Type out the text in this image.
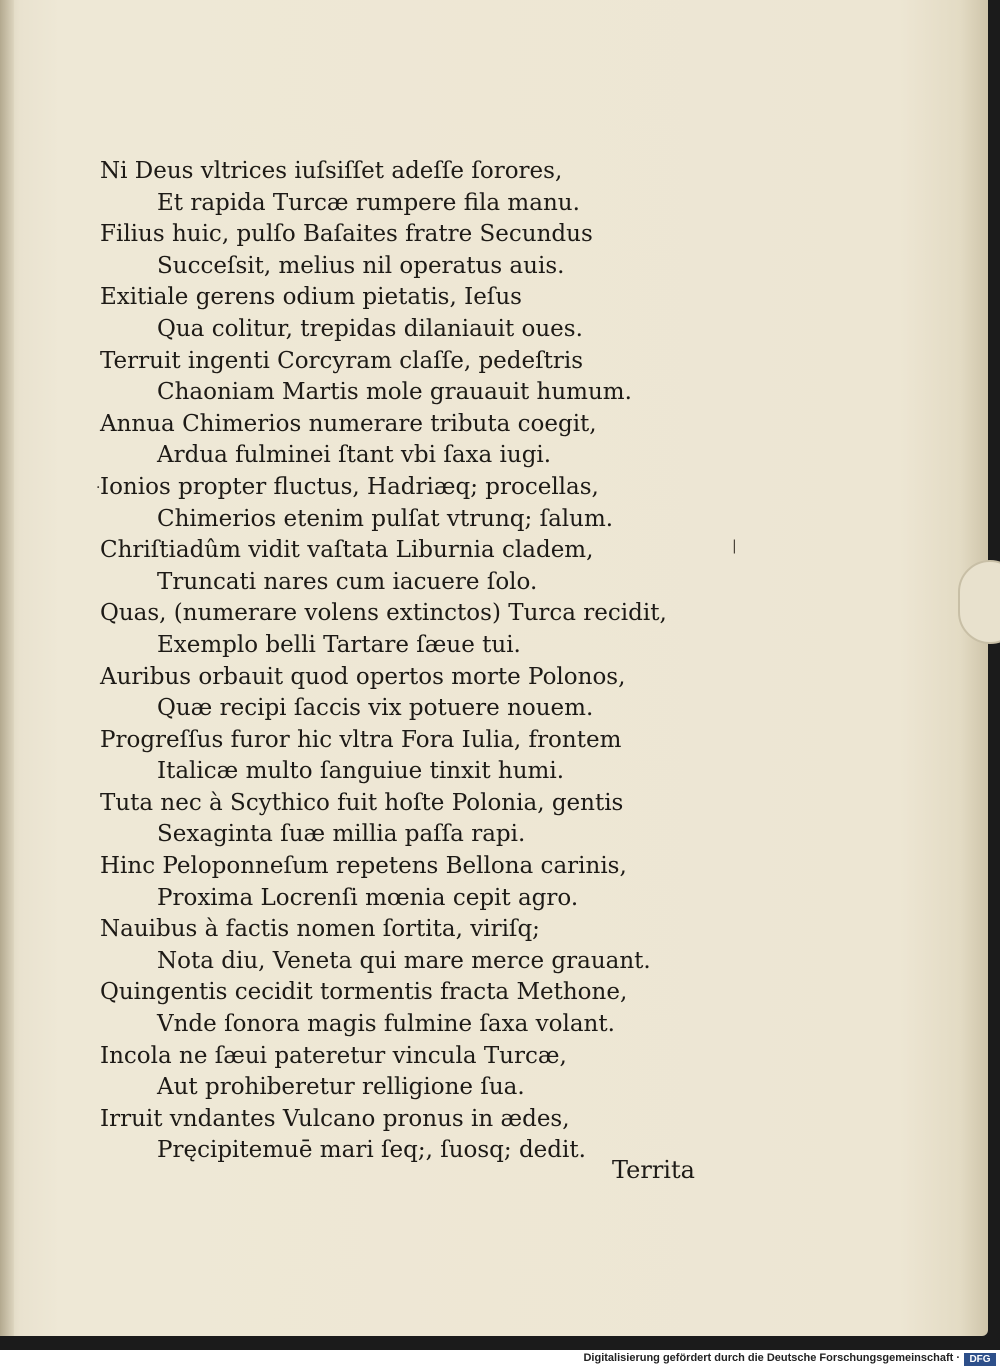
Ni Deus vltrices iuſsiſſet adeſſe ſorores,
Et rapida Turcæ rumpere fila manu.
Filius huic, pulſo Baſaites fratre Secundus
Succeſsit, melius nil operatus auis.
Exitiale gerens odium pietatis, Ieſus
Qua colitur, trepidas dilaniauit oues.
Terruit ingenti Corcyram claſſe, pedeſtris
Chaoniam Martis mole grauauit humum.
Annua Chimerios numerare tributa coegit,
Ardua fulminei ſtant vbi ſaxa iugi.
Ionios propter fluctus, Hadriæq; procellas,
Chimerios etenim pulſat vtrunq; ſalum.
Chriſtiadûm vidit vaſtata Liburnia cladem,
Truncati nares cum iacuere ſolo.
Quas, (numerare volens extinctos) Turca recidit,
Exemplo belli Tartare ſæue tui.
Auribus orbauit quod opertos morte Polonos,
Quæ recipi ſaccis vix potuere nouem.
Progreſſus furor hic vltra Fora Iulia, frontem
Italicæ multo ſanguiue tinxit humi.
Tuta nec à Scythico fuit hoſte Polonia, gentis
Sexaginta ſuæ millia paſſa rapi.
Hinc Peloponneſum repetens Bellona carinis,
Proxima Locrenſi mœnia cepit agro.
Nauibus à factis nomen ſortita, viriſq;
Nota diu, Veneta qui mare merce grauant.
Quingentis cecidit tormentis fracta Methone,
Vnde ſonora magis fulmine ſaxa volant.
Incola ne ſæui pateretur vincula Turcæ,
Aut prohiberetur relligione ſua.
Irruit vndantes Vulcano pronus in ædes,
Pręcipitemuē mari ſeq;, ſuosq; dedit.
Territa
·
|
Digitalisierung gefördert durch die Deutsche Forschungsgemeinschaft · DFG
